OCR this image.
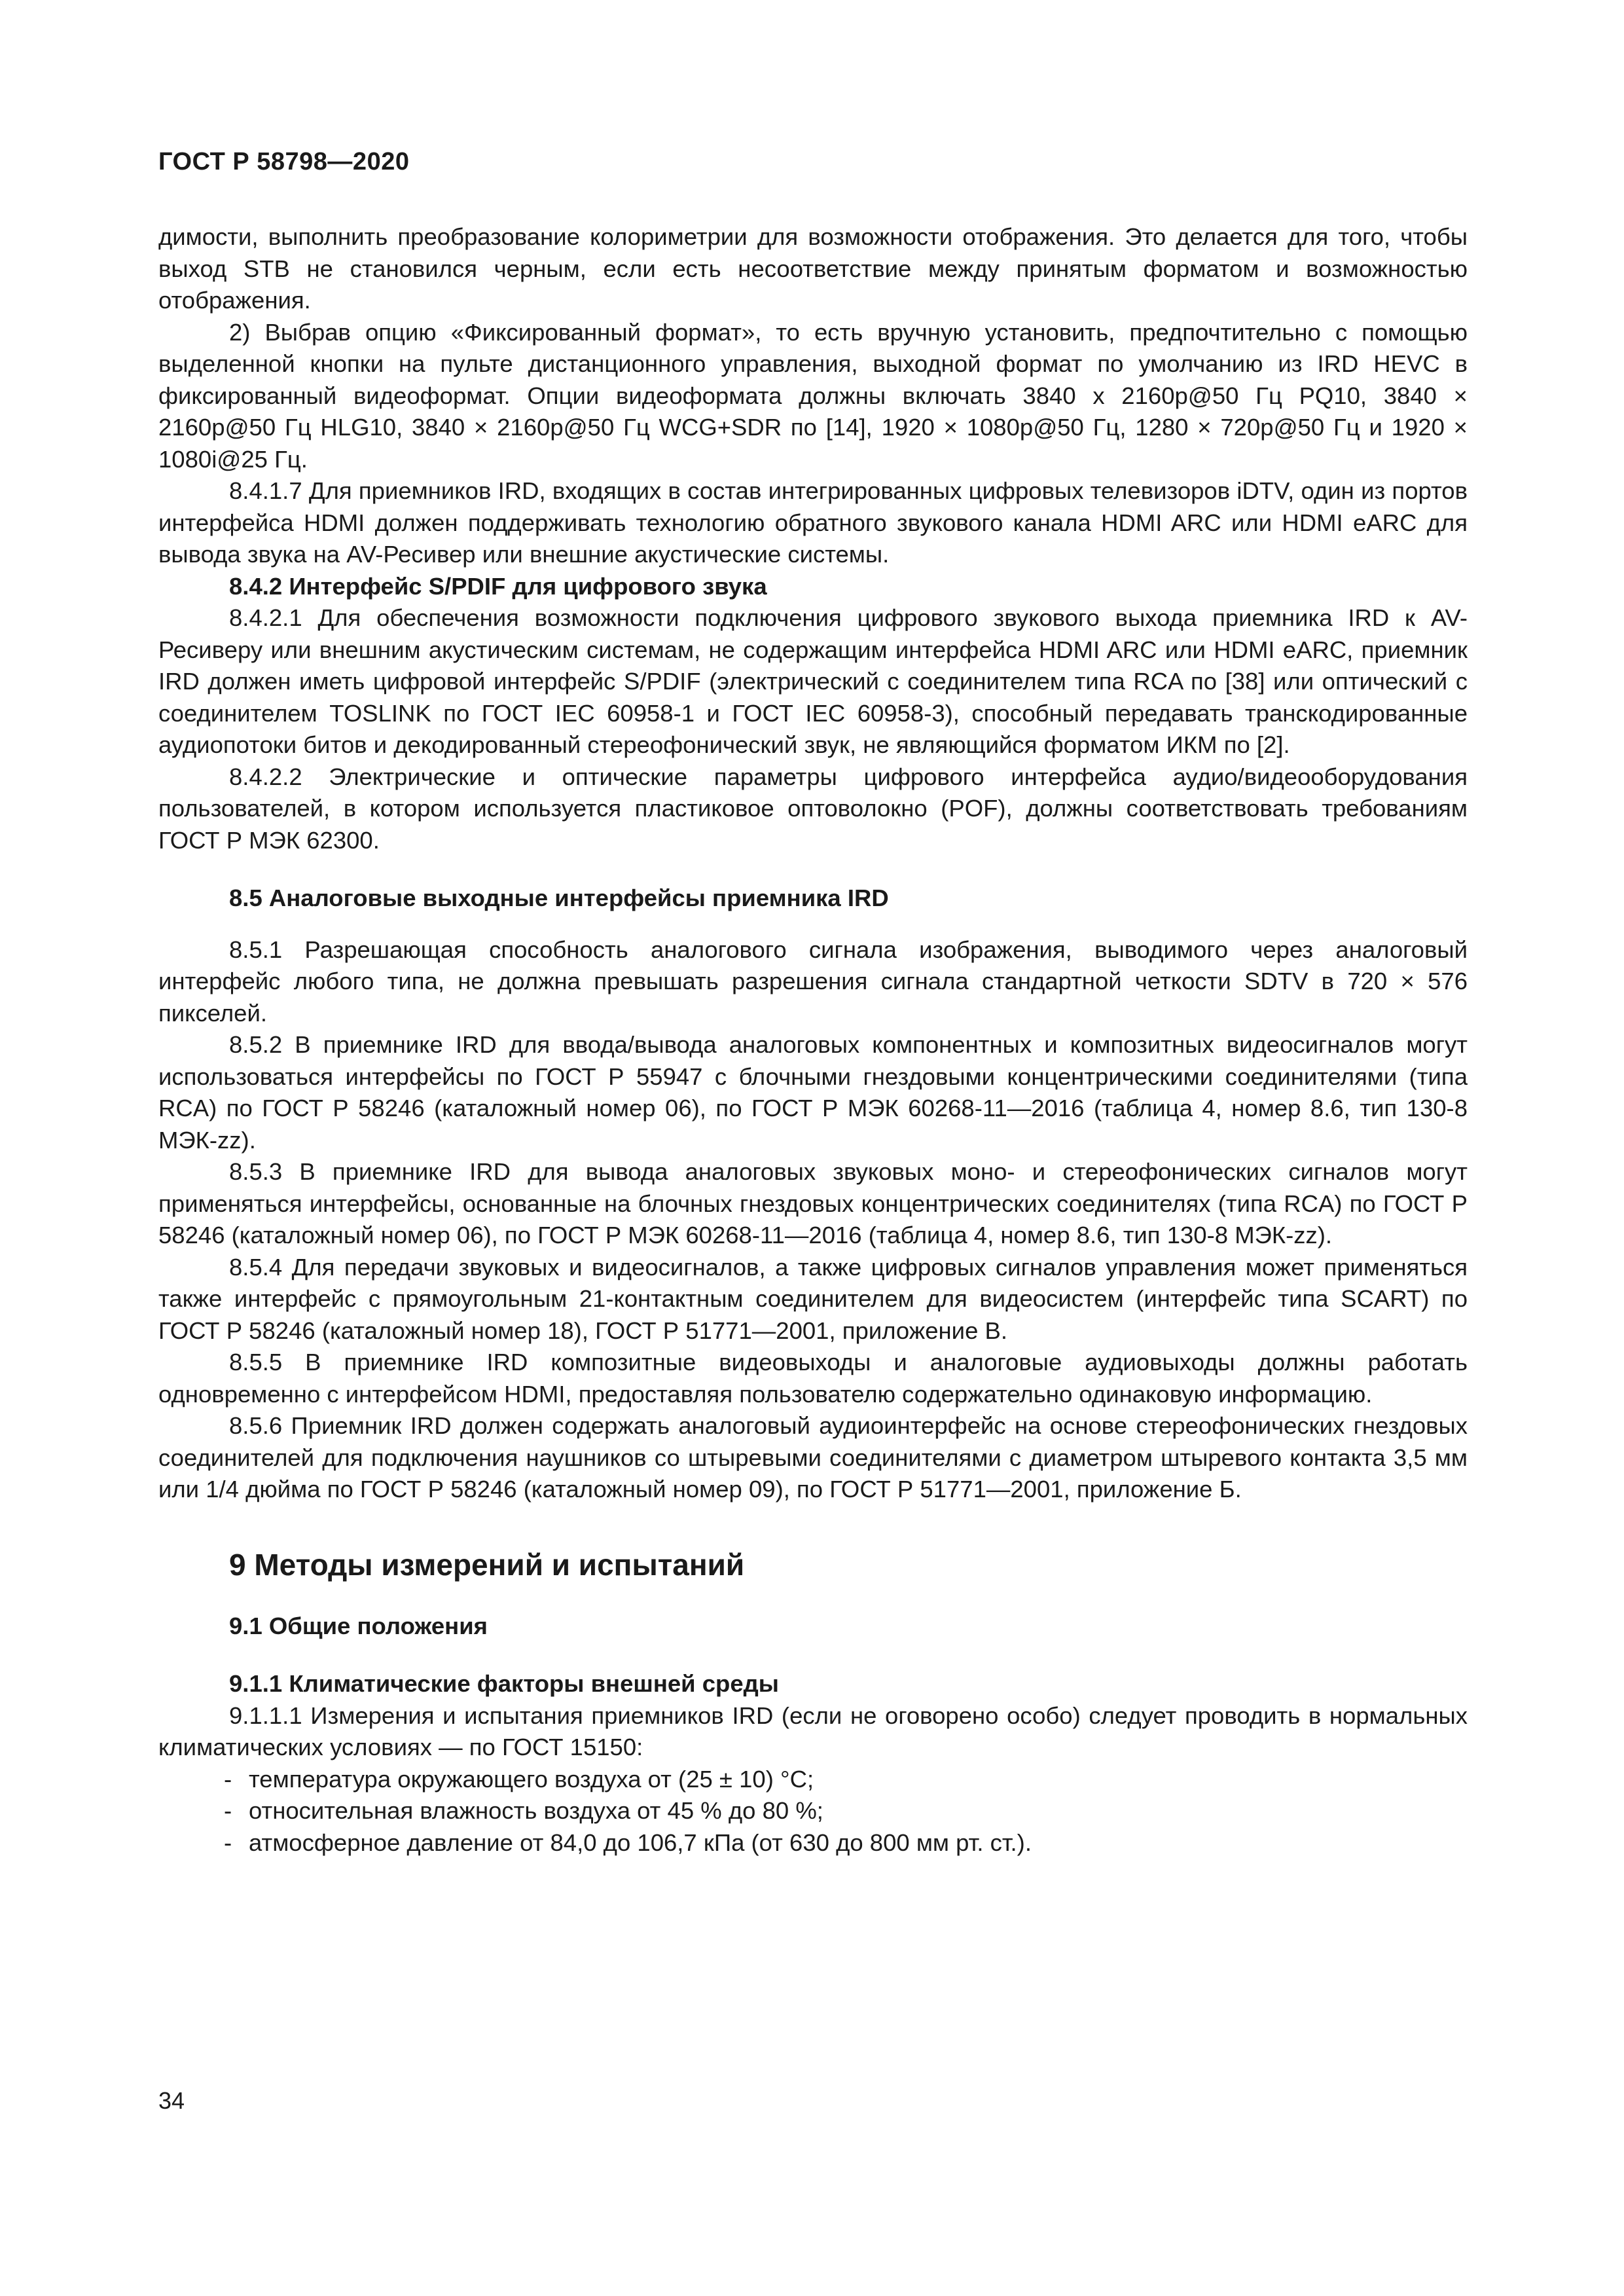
ГОСТ Р 58798—2020

димости, выполнить преобразование колориметрии для возможности отображения. Это делается для того, чтобы выход STB не становился черным, если есть несоответствие между принятым форматом и возможностью отображения.

2) Выбрав опцию «Фиксированный формат», то есть вручную установить, предпочтительно с помощью выделенной кнопки на пульте дистанционного управления, выходной формат по умолчанию из IRD HEVC в фиксированный видеоформат. Опции видеоформата должны включать 3840 x 2160p@50 Гц PQ10, 3840 × 2160p@50 Гц HLG10, 3840 × 2160p@50 Гц WCG+SDR по [14], 1920 × 1080p@50 Гц, 1280 × 720p@50 Гц и 1920 × 1080i@25 Гц.

8.4.1.7 Для приемников IRD, входящих в состав интегрированных цифровых телевизоров iDTV, один из портов интерфейса HDMI должен поддерживать технологию обратного звукового канала HDMI ARC или HDMI eARC для вывода звука на AV-Ресивер или внешние акустические системы.

8.4.2 Интерфейс S/PDIF для цифрового звука

8.4.2.1 Для обеспечения возможности подключения цифрового звукового выхода приемника IRD к AV-Ресиверу или внешним акустическим системам, не содержащим интерфейса HDMI ARC или HDMI eARC, приемник IRD должен иметь цифровой интерфейс S/PDIF (электрический с соединителем типа RCA по [38] или оптический с соединителем TOSLINK по ГОСТ IEC 60958-1 и ГОСТ IEC 60958-3), способный передавать транскодированные аудиопотоки битов и декодированный стереофонический звук, не являющийся форматом ИКМ по [2].

8.4.2.2 Электрические и оптические параметры цифрового интерфейса аудио/видеооборудования пользователей, в котором используется пластиковое оптоволокно (POF), должны соответствовать требованиям ГОСТ Р МЭК 62300.

8.5 Аналоговые выходные интерфейсы приемника IRD

8.5.1 Разрешающая способность аналогового сигнала изображения, выводимого через аналоговый интерфейс любого типа, не должна превышать разрешения сигнала стандартной четкости SDTV в 720 × 576 пикселей.

8.5.2 В приемнике IRD для ввода/вывода аналоговых компонентных и композитных видеосигналов могут использоваться интерфейсы по ГОСТ Р 55947 с блочными гнездовыми концентрическими соединителями (типа RCA) по ГОСТ Р 58246 (каталожный номер 06), по ГОСТ Р МЭК 60268-11—2016 (таблица 4, номер 8.6, тип 130-8 МЭК-zz).

8.5.3 В приемнике IRD для вывода аналоговых звуковых моно- и стереофонических сигналов могут применяться интерфейсы, основанные на блочных гнездовых концентрических соединителях (типа RCA) по ГОСТ Р 58246 (каталожный номер 06), по ГОСТ Р МЭК 60268-11—2016 (таблица 4, номер 8.6, тип 130-8 МЭК-zz).

8.5.4 Для передачи звуковых и видеосигналов, а также цифровых сигналов управления может применяться также интерфейс с прямоугольным 21-контактным соединителем для видеосистем (интерфейс типа SCART) по ГОСТ Р 58246 (каталожный номер 18), ГОСТ Р 51771—2001, приложение В.

8.5.5 В приемнике IRD композитные видеовыходы и аналоговые аудиовыходы должны работать одновременно с интерфейсом HDMI, предоставляя пользователю содержательно одинаковую информацию.

8.5.6 Приемник IRD должен содержать аналоговый аудиоинтерфейс на основе стереофонических гнездовых соединителей для подключения наушников со штыревыми соединителями с диаметром штыревого контакта 3,5 мм или 1/4 дюйма по ГОСТ Р 58246 (каталожный номер 09), по ГОСТ Р 51771—2001, приложение Б.

9 Методы измерений и испытаний

9.1 Общие положения

9.1.1 Климатические факторы внешней среды

9.1.1.1 Измерения и испытания приемников IRD (если не оговорено особо) следует проводить в нормальных климатических условиях — по ГОСТ 15150:

- температура окружающего воздуха от (25 ± 10) °C;
- относительная влажность воздуха от 45 % до 80 %;
- атмосферное давление от 84,0 до 106,7 кПа (от 630 до 800 мм рт. ст.).
34
